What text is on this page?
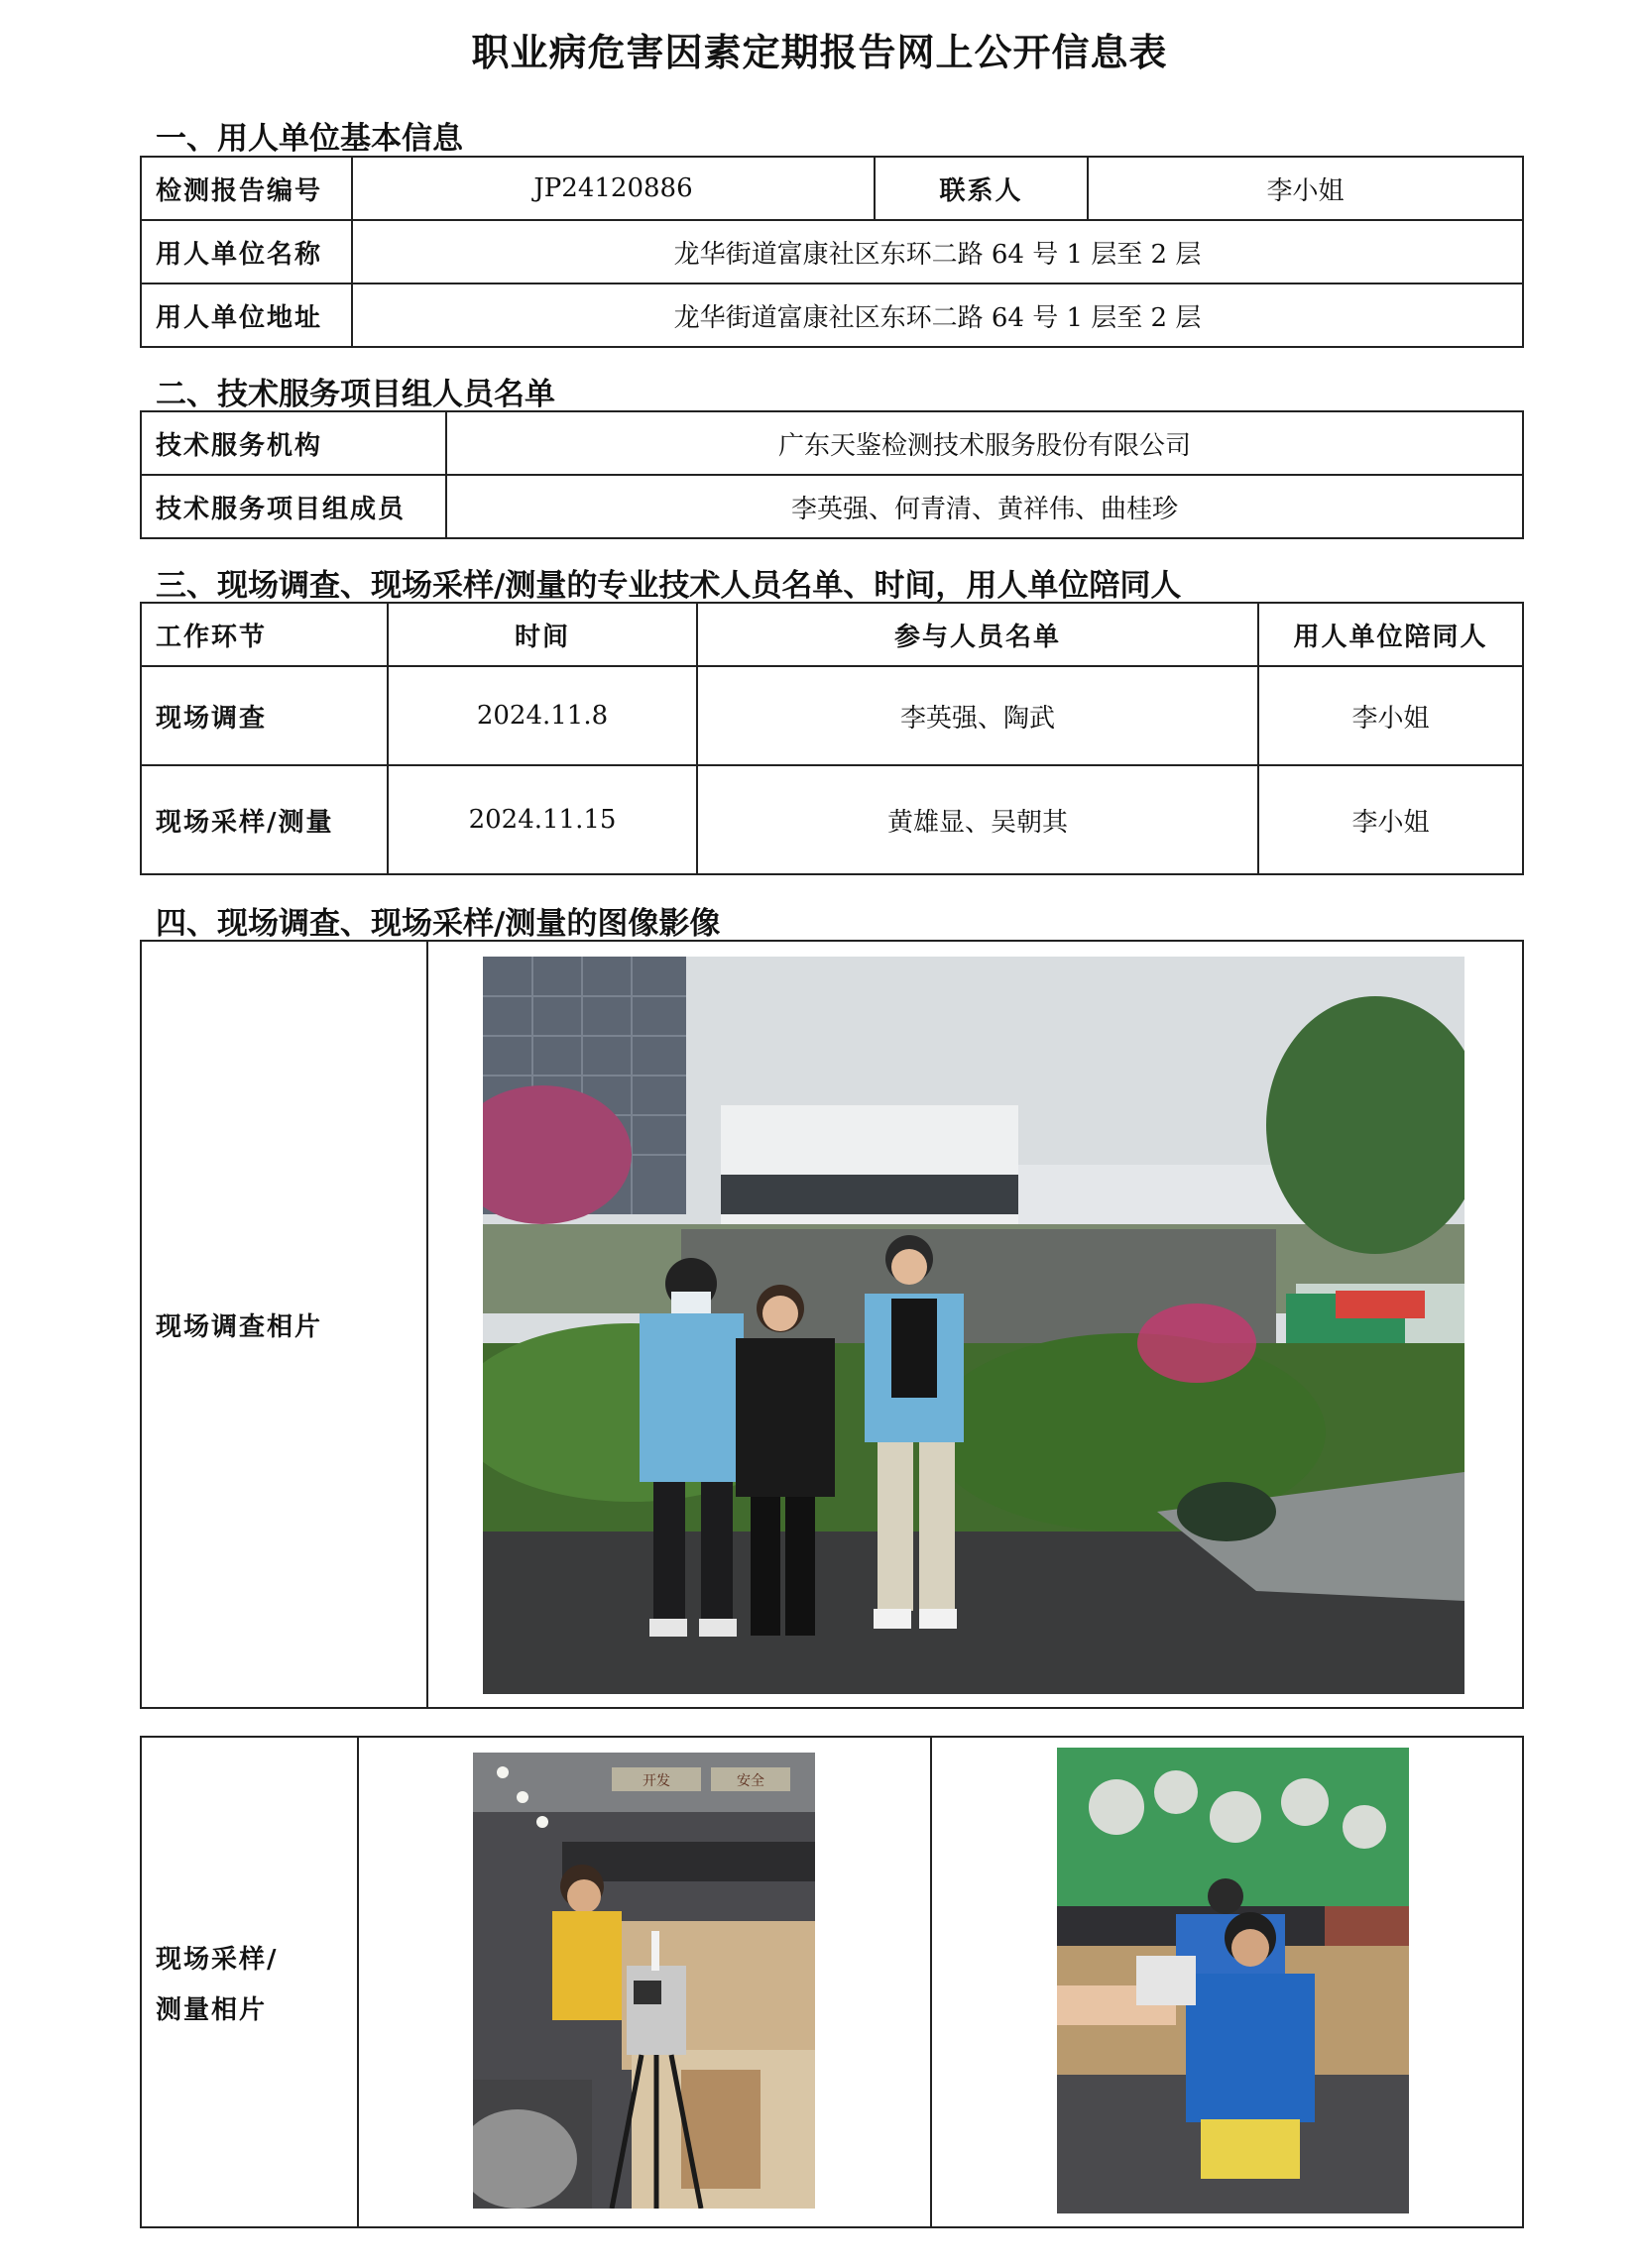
职业病危害因素定期报告网上公开信息表
一、用人单位基本信息
检测报告编号	JP24120886	联系人	李小姐
用人单位名称	龙华街道富康社区东环二路 64 号 1 层至 2 层		
用人单位地址	龙华街道富康社区东环二路 64 号 1 层至 2 层		
二、技术服务项目组人员名单
技术服务机构	广东天鉴检测技术服务股份有限公司
技术服务项目组成员	李英强、何青清、黄祥伟、曲桂珍
三、现场调查、现场采样/测量的专业技术人员名单、时间，用人单位陪同人
工作环节	时间	参与人员名单	用人单位陪同人
现场调查	2024.11.8	李英强、陶武	李小姐
现场采样/测量	2024.11.15	黄雄显、吴朝其	李小姐
四、现场调查、现场采样/测量的图像影像
现场调查相片	
现场采样/
测量相片

开发	安全
